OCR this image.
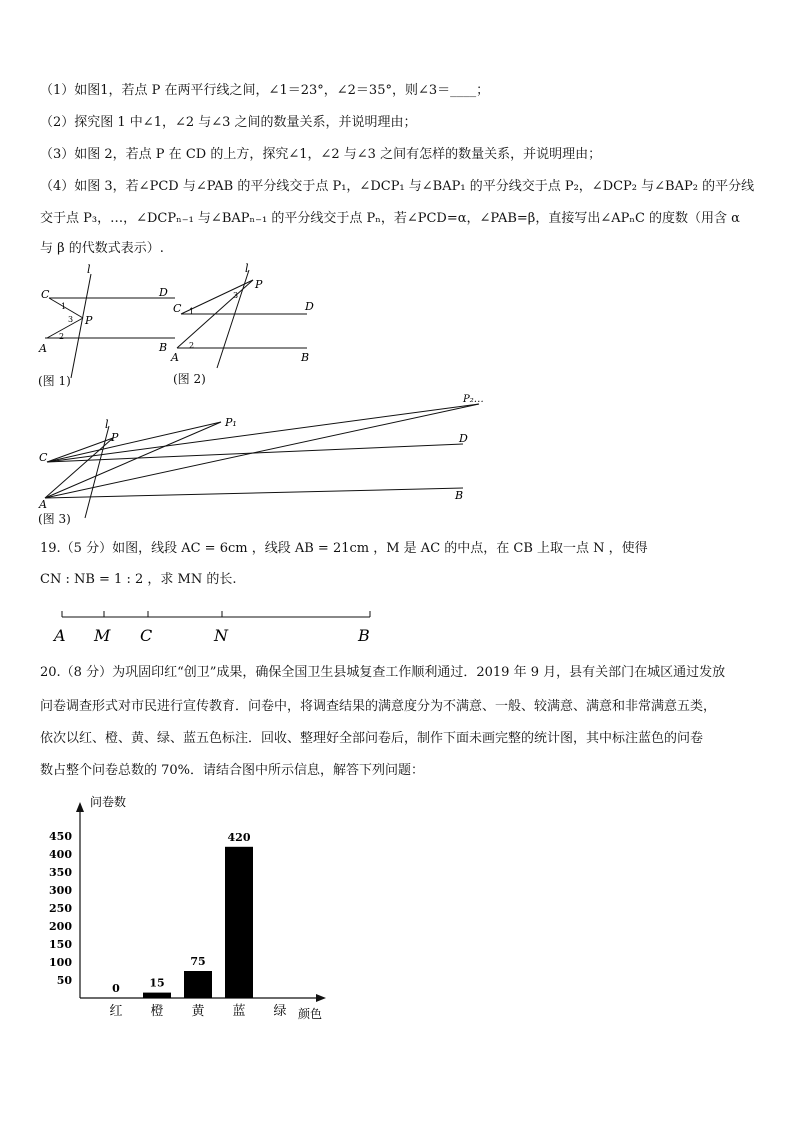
（1）如图1，若点 P 在两平行线之间，∠1＝23°，∠2＝35°，则∠3＝____；
（2）探究图 1 中∠1，∠2 与∠3 之间的数量关系，并说明理由；
（3）如图 2，若点 P 在 CD 的上方，探究∠1，∠2 与∠3 之间有怎样的数量关系，并说明理由；
（4）如图 3，若∠PCD 与∠PAB 的平分线交于点 P₁，∠DCP₁ 与∠BAP₁ 的平分线交于点 P₂，∠DCP₂ 与∠BAP₂ 的平分线
交于点 P₃，…，∠DCPₙ₋₁ 与∠BAPₙ₋₁ 的平分线交于点 Pₙ，若∠PCD=α，∠PAB=β，直接写出∠APₙC 的度数（用含 α
与 β 的代数式表示）.
l
C	D
A	B
P
1
2
3
(图 1)
l
P
C	D
A	B
1
2
3
(图 2)
l
P
P₁
P₂…
C
D
A
B
(图 3)
19.（5 分）如图，线段 AC = 6cm ，线段 AB = 21cm ，M 是 AC 的中点，在 CB 上取一点 N ，使得
CN : NB = 1 : 2 ，求 MN 的长.
A M C	N	B
20.（8 分）为巩固印红“创卫”成果，确保全国卫生县城复查工作顺利通过．2019 年 9 月，县有关部门在城区通过发放
问卷调查形式对市民进行宣传教育．问卷中，将调查结果的满意度分为不满意、一般、较满意、满意和非常满意五类，
依次以红、橙、黄、绿、蓝五色标注．回收、整理好全部问卷后，制作下面未画完整的统计图，其中标注蓝色的问卷
数占整个问卷总数的 70%．请结合图中所示信息，解答下列问题：
问卷数
颜色
50
100
150
200
250
300
350
400
450
0
红
15
橙
75
黄
420
蓝 绿
